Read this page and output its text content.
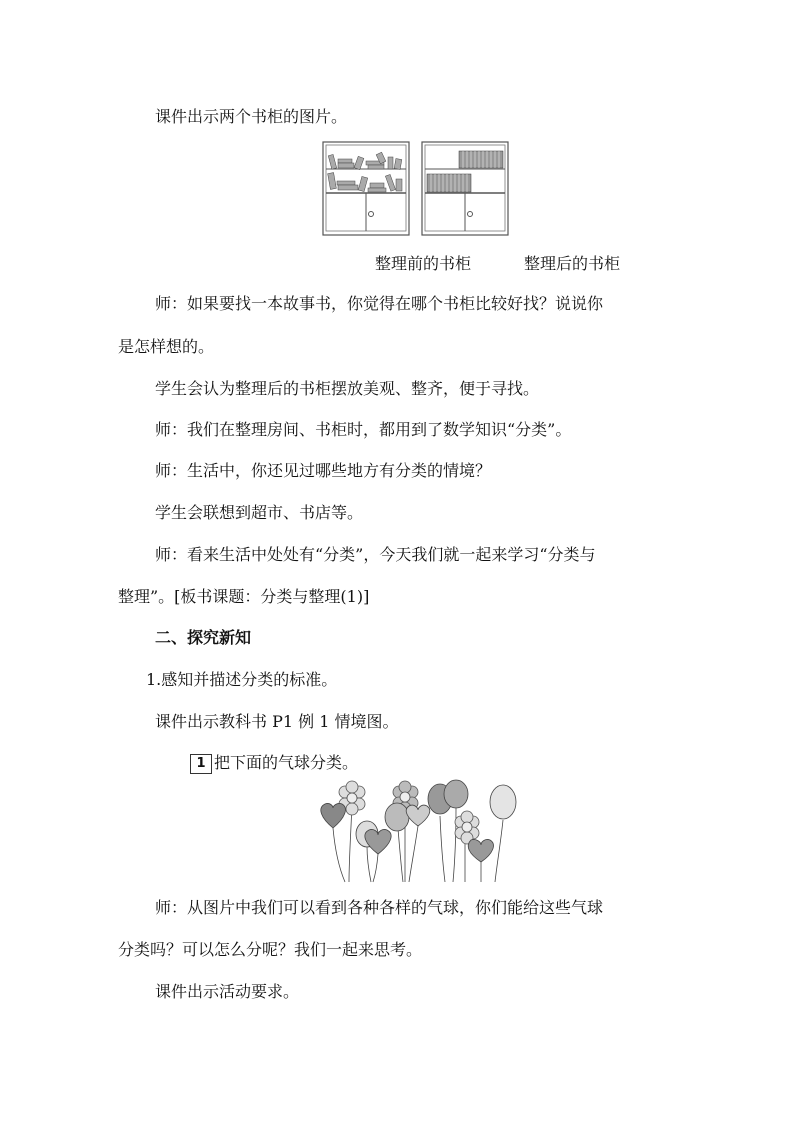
课件出示两个书柜的图片。
整理前的书柜	整理后的书柜
师：如果要找一本故事书，你觉得在哪个书柜比较好找？说说你
是怎样想的。
学生会认为整理后的书柜摆放美观、整齐，便于寻找。
师：我们在整理房间、书柜时，都用到了数学知识“分类”。
师：生活中，你还见过哪些地方有分类的情境？
学生会联想到超市、书店等。
师：看来生活中处处有“分类”，今天我们就一起来学习“分类与
整理”。[板书课题：分类与整理(1)]
二、探究新知
1.感知并描述分类的标准。
课件出示教科书 P1 例 1 情境图。
1 把下面的气球分类。
师：从图片中我们可以看到各种各样的气球，你们能给这些气球
分类吗？可以怎么分呢？我们一起来思考。
课件出示活动要求。
